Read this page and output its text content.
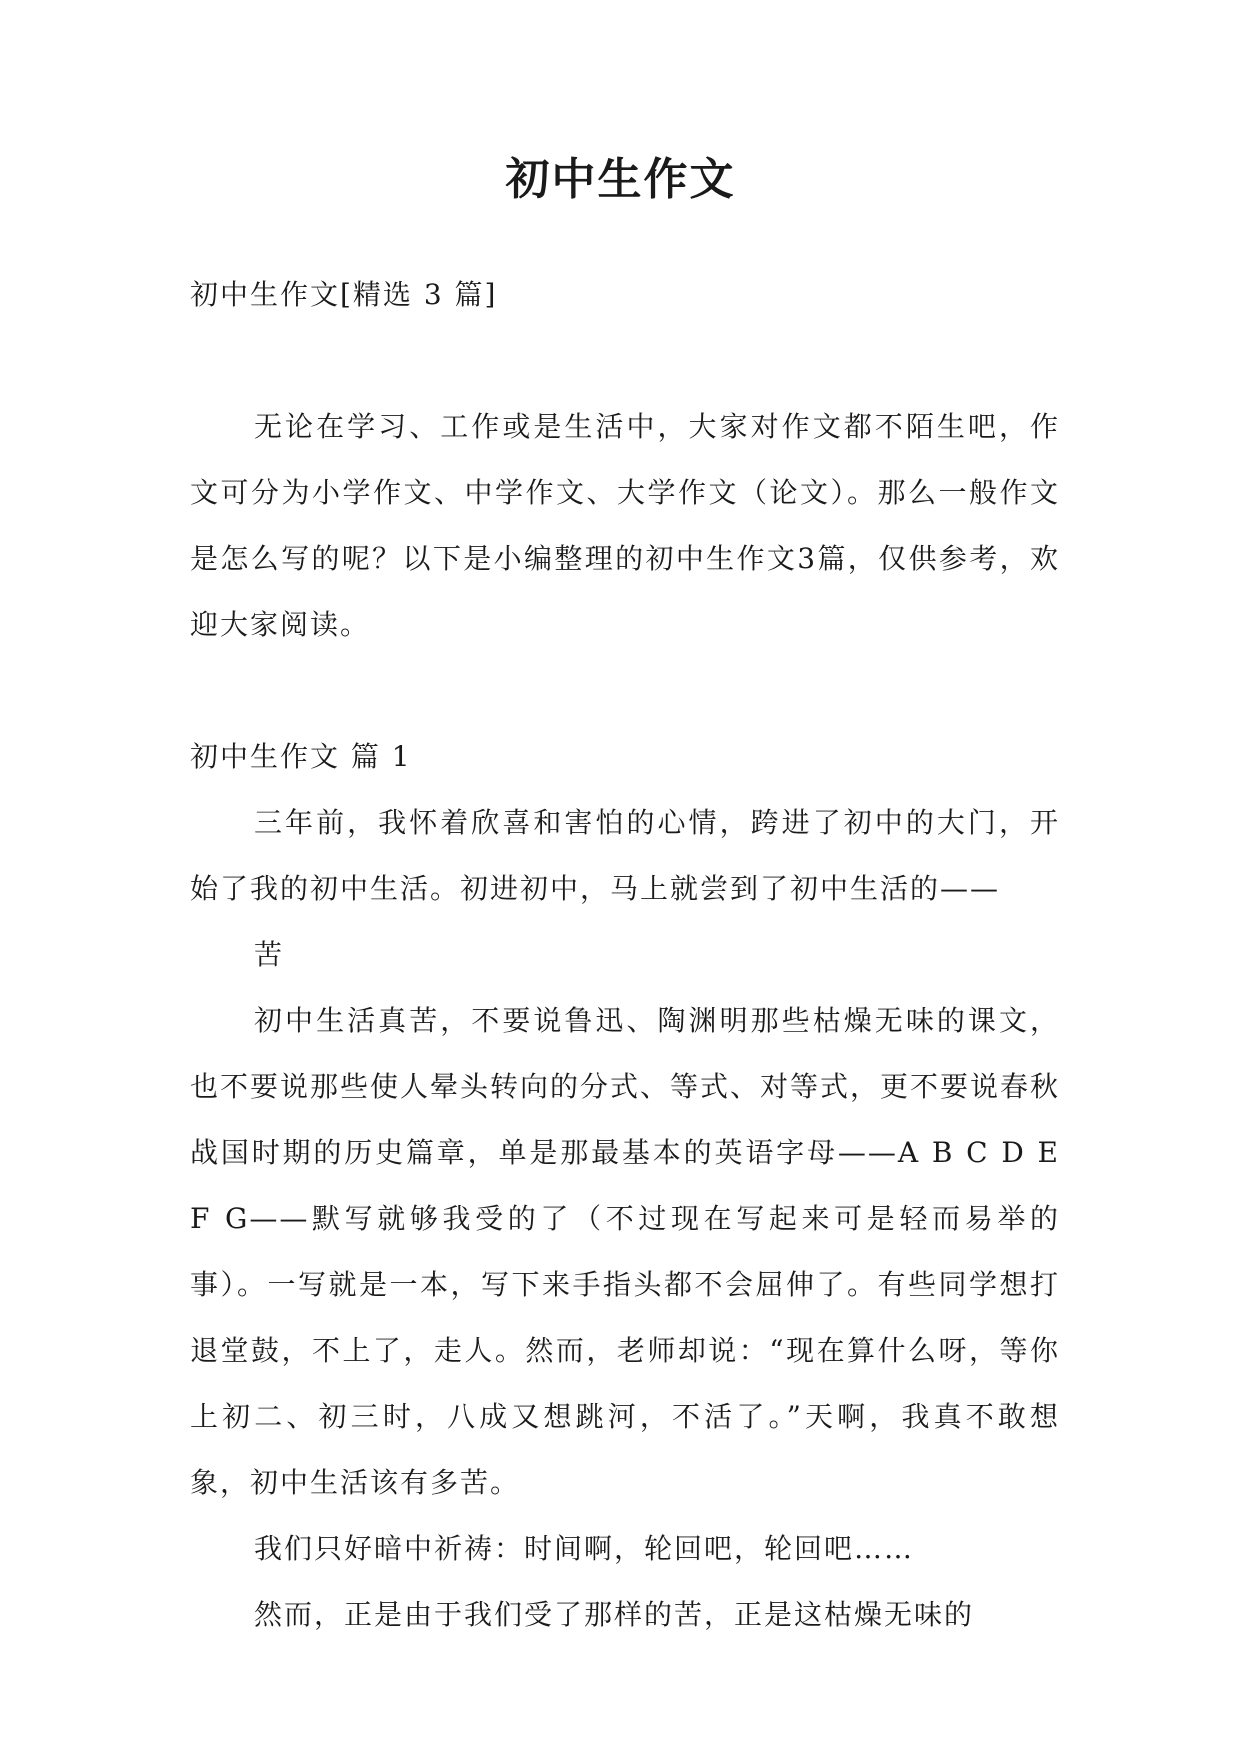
初中生作文

初中生作文[精选 3 篇]

无论在学习、工作或是生活中，大家对作文都不陌生吧，作文可分为小学作文、中学作文、大学作文（论文）。那么一般作文是怎么写的呢？以下是小编整理的初中生作文3篇，仅供参考，欢迎大家阅读。

初中生作文 篇 1

三年前，我怀着欣喜和害怕的心情，跨进了初中的大门，开始了我的初中生活。初进初中，马上就尝到了初中生活的——

苦

初中生活真苦，不要说鲁迅、陶渊明那些枯燥无味的课文，也不要说那些使人晕头转向的分式、等式、对等式，更不要说春秋战国时期的历史篇章，单是那最基本的英语字母——A B C D E F G——默写就够我受的了（不过现在写起来可是轻而易举的事）。一写就是一本，写下来手指头都不会屈伸了。有些同学想打退堂鼓，不上了，走人。然而，老师却说：“现在算什么呀，等你上初二、初三时，八成又想跳河，不活了。”天啊，我真不敢想象，初中生活该有多苦。

我们只好暗中祈祷：时间啊，轮回吧，轮回吧……

然而，正是由于我们受了那样的苦，正是这枯燥无味的
